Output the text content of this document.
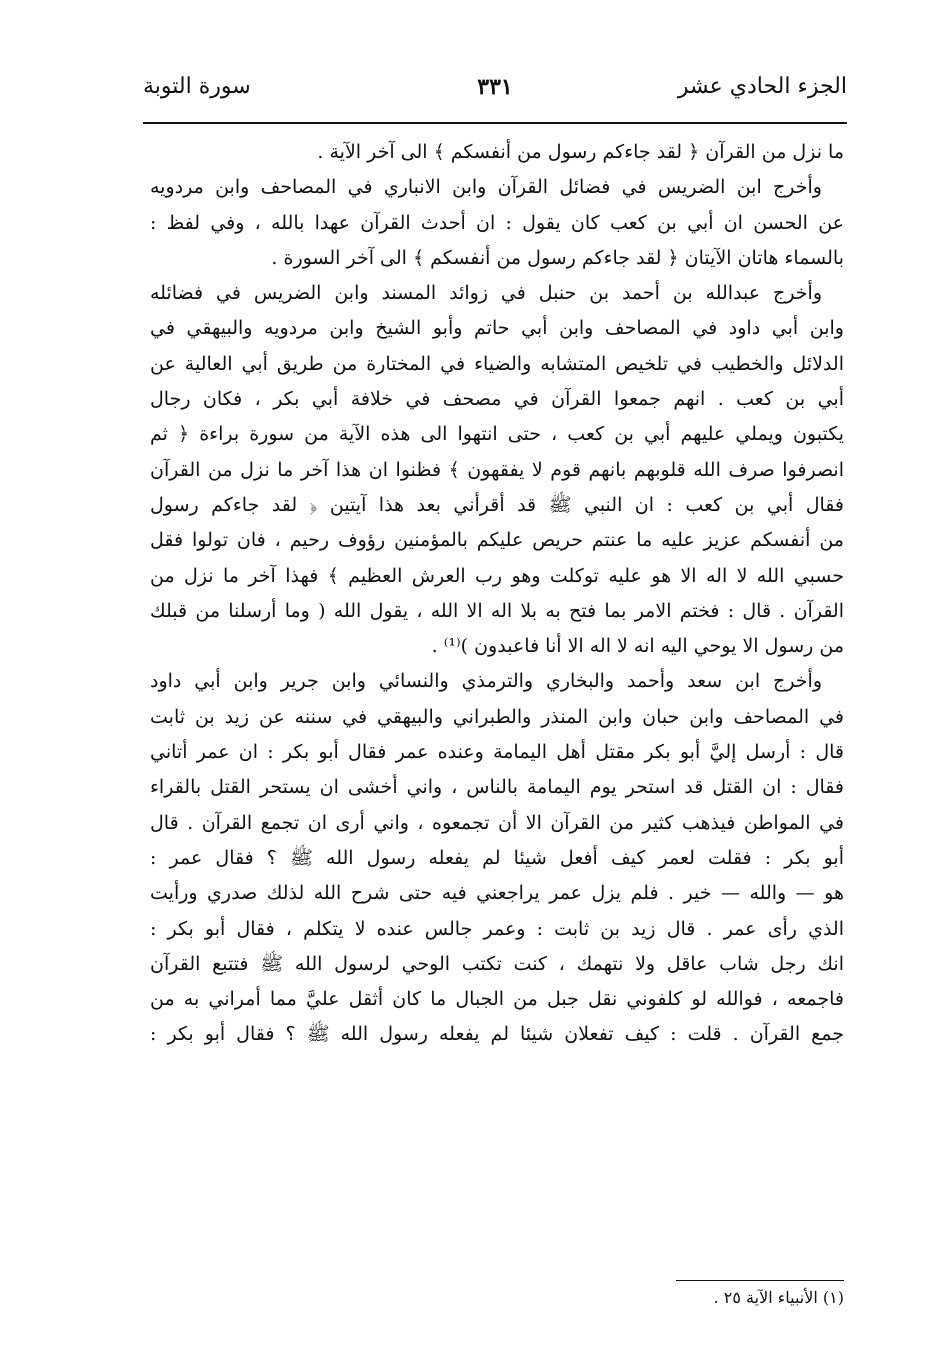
الجزء الحادي عشر
٣٣١
سورة التوبة
ما نزل من القرآن ﴿ لقد جاءكم رسول من أنفسكم ﴾ الى آخر الآية .
وأخرج ابن الضريس في فضائل القرآن وابن الانباري في المصاحف وابن مردويه
عن الحسن ان أبي بن كعب كان يقول : ان أحدث القرآن عهدا بالله ، وفي لفظ :
بالسماء هاتان الآيتان ﴿ لقد جاءكم رسول من أنفسكم ﴾ الى آخر السورة .
وأخرج عبدالله بن أحمد بن حنبل في زوائد المسند وابن الضريس في فضائله
وابن أبي داود في المصاحف وابن أبي حاتم وأبو الشيخ وابن مردويه والبيهقي في
الدلائل والخطيب في تلخيص المتشابه والضياء في المختارة من طريق أبي العالية عن
أبي بن كعب . انهم جمعوا القرآن في مصحف في خلافة أبي بكر ، فكان رجال
يكتبون ويملي عليهم أبي بن كعب ، حتى انتهوا الى هذه الآية من سورة براءة ﴿ ثم
انصرفوا صرف الله قلوبهم بانهم قوم لا يفقهون ﴾ فظنوا ان هذا آخر ما نزل من القرآن
فقال أبي بن كعب : ان النبي ﷺ قد أقرأني بعد هذا آيتين ﴿ لقد جاءكم رسول
من أنفسكم عزيز عليه ما عنتم حريص عليكم بالمؤمنين رؤوف رحيم ، فان تولوا فقل
حسبي الله لا اله الا هو عليه توكلت وهو رب العرش العظيم ﴾ فهذا آخر ما نزل من
القرآن . قال : فختم الامر بما فتح به بلا اله الا الله ، يقول الله ( وما أرسلنا من قبلك
من رسول الا يوحي اليه انه لا اله الا أنا فاعبدون )⁽¹⁾ .
وأخرج ابن سعد وأحمد والبخاري والترمذي والنسائي وابن جرير وابن أبي داود
في المصاحف وابن حبان وابن المنذر والطبراني والبيهقي في سننه عن زيد بن ثابت
قال : أرسل إليَّ أبو بكر مقتل أهل اليمامة وعنده عمر فقال أبو بكر : ان عمر أتاني
فقال : ان القتل قد استحر يوم اليمامة بالناس ، واني أخشى ان يستحر القتل بالقراء
في المواطن فيذهب كثير من القرآن الا أن تجمعوه ، واني أرى ان تجمع القرآن . قال
أبو بكر : فقلت لعمر كيف أفعل شيئا لم يفعله رسول الله ﷺ ؟ فقال عمر :
هو — والله — خير . فلم يزل عمر يراجعني فيه حتى شرح الله لذلك صدري ورأيت
الذي رأى عمر . قال زيد بن ثابت : وعمر جالس عنده لا يتكلم ، فقال أبو بكر :
انك رجل شاب عاقل ولا نتهمك ، كنت تكتب الوحي لرسول الله ﷺ فتتبع القرآن
فاجمعه ، فوالله لو كلفوني نقل جبل من الجبال ما كان أثقل عليَّ مما أمراني به من
جمع القرآن . قلت : كيف تفعلان شيئا لم يفعله رسول الله ﷺ ؟ فقال أبو بكر :
(١) الأنبياء الآية ٢٥ .
